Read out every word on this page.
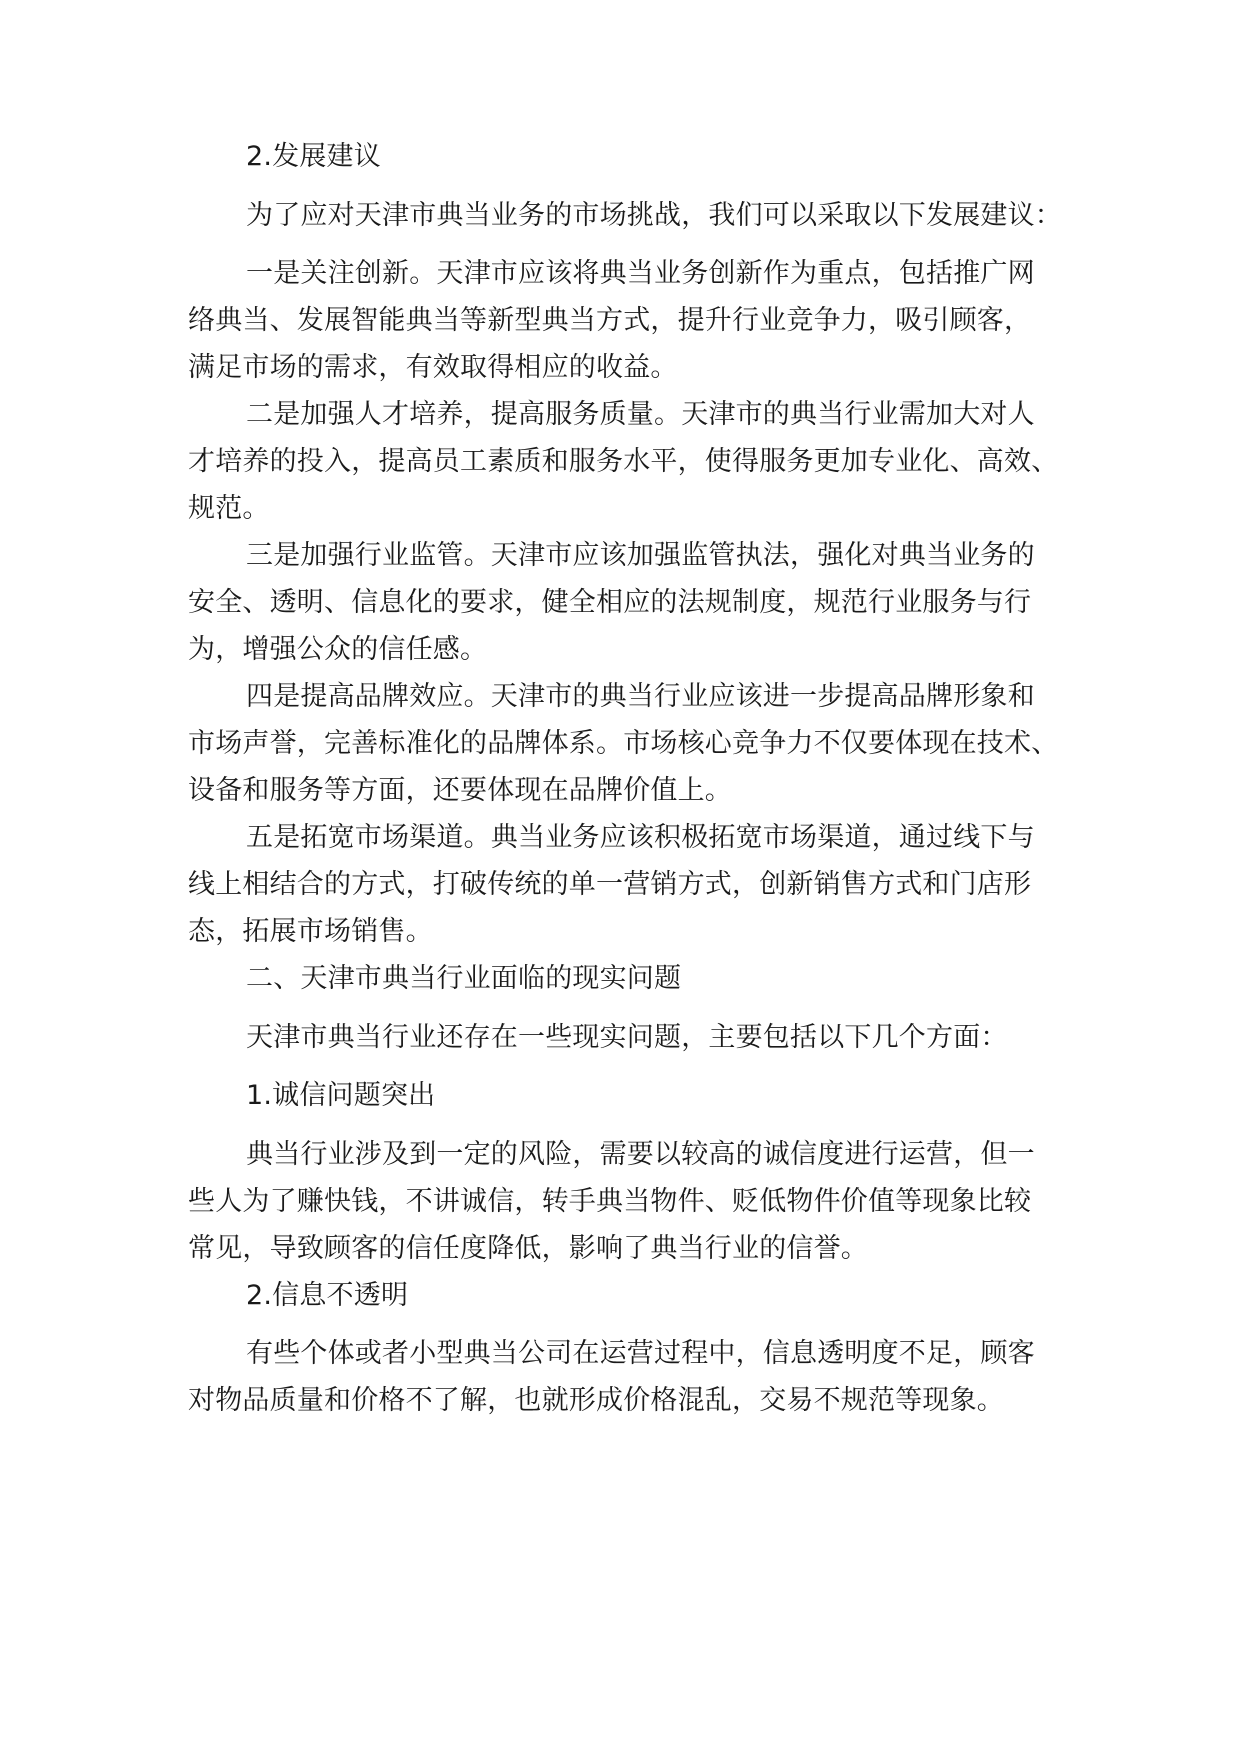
2.发展建议
为了应对天津市典当业务的市场挑战，我们可以采取以下发展建议：
一是关注创新。天津市应该将典当业务创新作为重点，包括推广网
络典当、发展智能典当等新型典当方式，提升行业竞争力，吸引顾客，
满足市场的需求，有效取得相应的收益。
二是加强人才培养，提高服务质量。天津市的典当行业需加大对人
才培养的投入，提高员工素质和服务水平，使得服务更加专业化、高效、
规范。
三是加强行业监管。天津市应该加强监管执法，强化对典当业务的
安全、透明、信息化的要求，健全相应的法规制度，规范行业服务与行
为，增强公众的信任感。
四是提高品牌效应。天津市的典当行业应该进一步提高品牌形象和
市场声誉，完善标准化的品牌体系。市场核心竞争力不仅要体现在技术、
设备和服务等方面，还要体现在品牌价值上。
五是拓宽市场渠道。典当业务应该积极拓宽市场渠道，通过线下与
线上相结合的方式，打破传统的单一营销方式，创新销售方式和门店形
态，拓展市场销售。
二、天津市典当行业面临的现实问题
天津市典当行业还存在一些现实问题，主要包括以下几个方面：
1.诚信问题突出
典当行业涉及到一定的风险，需要以较高的诚信度进行运营，但一
些人为了赚快钱，不讲诚信，转手典当物件、贬低物件价值等现象比较
常见，导致顾客的信任度降低，影响了典当行业的信誉。
2.信息不透明
有些个体或者小型典当公司在运营过程中，信息透明度不足，顾客
对物品质量和价格不了解，也就形成价格混乱，交易不规范等现象。
